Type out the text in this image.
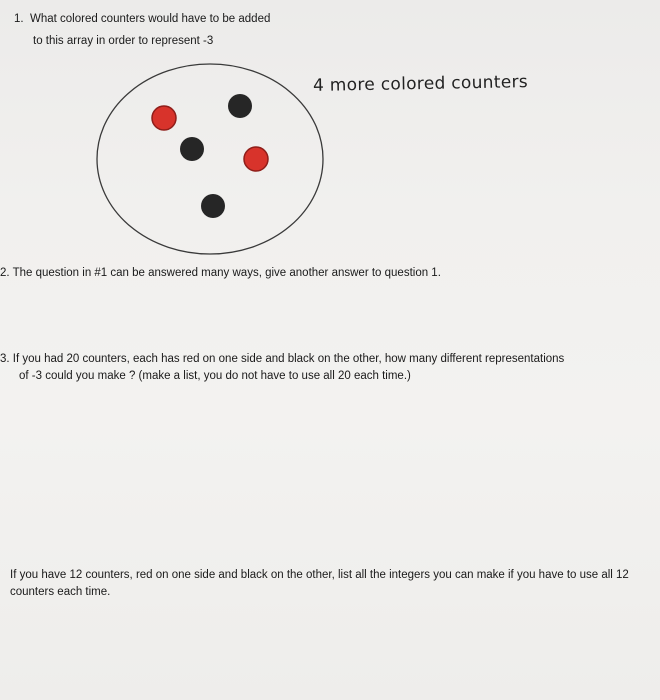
1. What colored counters would have to be added
to this array in order to represent -3

4 more colored counters

2. The question in #1 can be answered many ways, give another answer to question 1.

3. If you had 20 counters, each has red on one side and black on the other, how many different representations
of -3 could you make ? (make a list, you do not have to use all 20 each time.)

If you have 12 counters, red on one side and black on the other, list all the integers you can make if you have to use all 12 counters each time.
